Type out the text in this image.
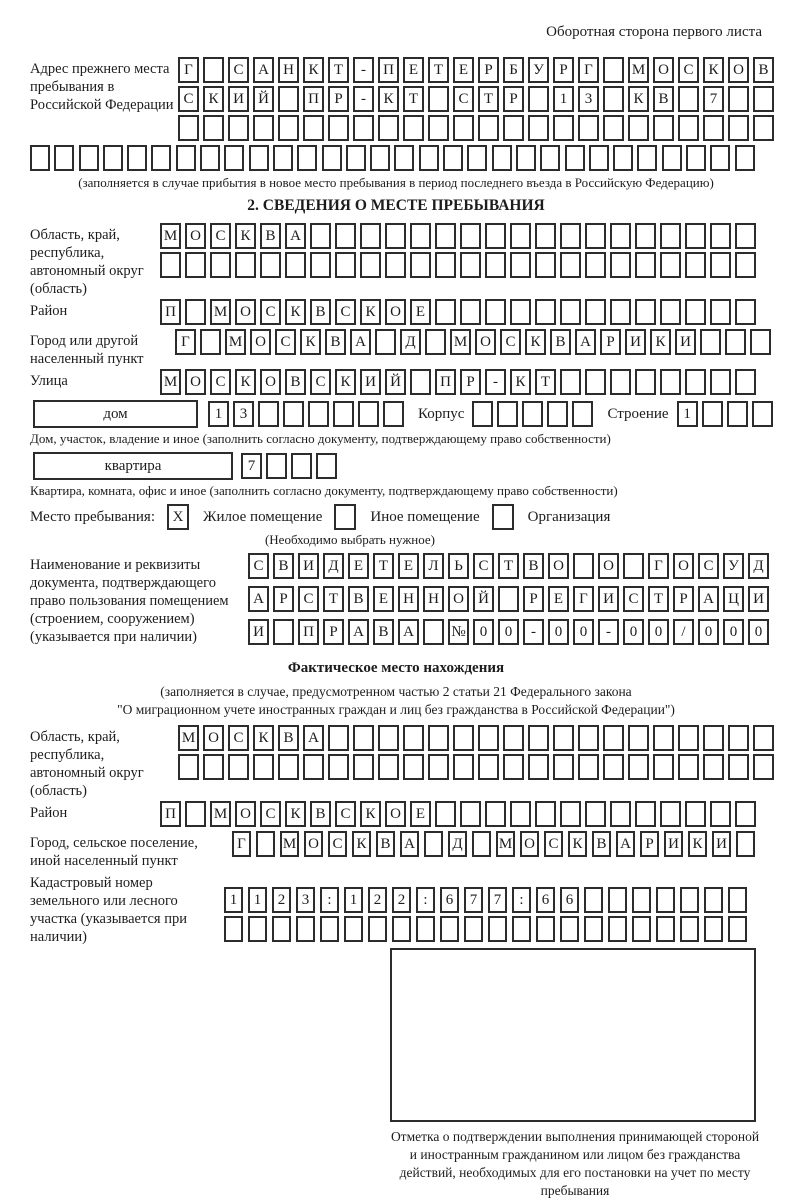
Оборотная сторона первого листа
Адрес прежнего места пребывания в Российской Федерации
Г	С А Н К	Т	-	П Е	Т	Е	Р	Б	У	Р	Г	М О С К О В
С К И Й	П	Р	-	К	Т	С	Т	Р	1	3	К В	7
(заполняется в случае прибытия в новое место пребывания в период последнего въезда в Российскую Федерацию)
2. СВЕДЕНИЯ О МЕСТЕ ПРЕБЫВАНИЯ
Область, край, республика, автономный округ (область)
М О С К В А
Район	П	М О С К В С К О Е
Город или другой населенный пункт
Г	М О С К В А	Д	М О С К В А	Р	И К И
Улица	М О С К О В С К И Й	П	Р	-	К	Т
дом	1	3	Корпус	Строение 1
Дом, участок, владение и иное (заполнить согласно документу, подтверждающему право собственности)
квартира	7
Квартира, комната, офис и иное (заполнить согласно документу, подтверждающему право собственности)
Место пребывания:	X	Жилое помещение	Иное помещение	Организация
(Необходимо выбрать нужное)
Наименование и реквизиты документа, подтверждающего право пользования помещением (строением, сооружением) (указывается при наличии)
С В И Д	Е	Т	Е	Л	Ь	С	Т	В О	О	Г	О С У Д
А	Р	С	Т	В	Е	Н Н О Й	Р	Е	Г	И С	Т	Р	А Ц И
И	П	Р	А В А	№ 0	0	-	0	0	-	0	0	/	0	0	0
Фактическое место нахождения
(заполняется в случае, предусмотренном частью 2 статьи 21 Федерального закона
"О миграционном учете иностранных граждан и лиц без гражданства в Российской Федерации")
Область, край, республика, автономный округ (область)
М О С К В А
Район	П	М О С К В С К О Е
Город, сельское поселение, иной населенный пункт
Г	М О С К В А Д М О С К В А Р И К И
Кадастровый номер земельного или лесного участка (указывается при наличии)
1	1	2	3	:	1	2	2	:	6	7	7	:	6	6
Отметка о подтверждении выполнения принимающей стороной и иностранным гражданином или лицом без гражданства действий, необходимых для его постановки на учет по месту пребывания
